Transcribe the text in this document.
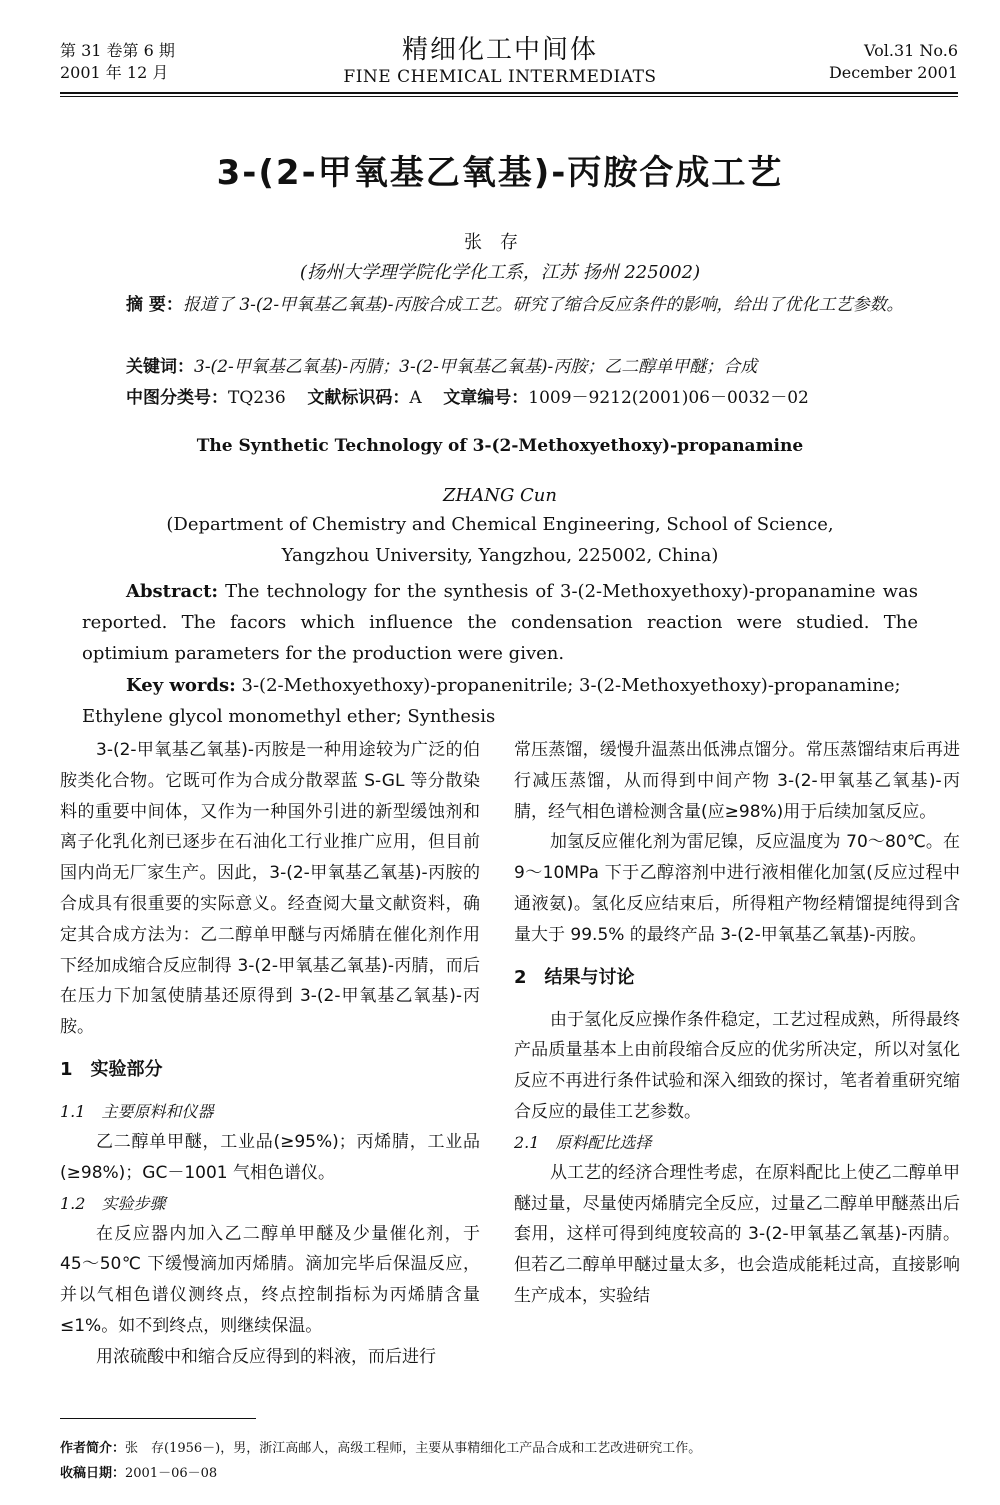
第 31 卷第 6 期
2001 年 12 月
精细化工中间体
FINE CHEMICAL INTERMEDIATS
Vol.31 No.6
December 2001
3-(2-甲氧基乙氧基)-丙胺合成工艺
张存
(扬州大学理学院化学化工系，江苏 扬州 225002)
摘 要：报道了 3-(2-甲氧基乙氧基)-丙胺合成工艺。研究了缩合反应条件的影响，给出了优化工艺参数。
关键词：3-(2-甲氧基乙氧基)-丙腈；3-(2-甲氧基乙氧基)-丙胺；乙二醇单甲醚；合成
中图分类号：TQ236 文献标识码：A 文章编号：1009－9212(2001)06－0032－02
The Synthetic Technology of 3-(2-Methoxyethoxy)-propanamine
ZHANG Cun
(Department of Chemistry and Chemical Engineering, School of Science,
Yangzhou University, Yangzhou, 225002, China)
Abstract: The technology for the synthesis of 3-(2-Methoxyethoxy)-propanamine was reported. The facors which influence the condensation reaction were studied. The optimium parameters for the production were given.
Key words: 3-(2-Methoxyethoxy)-propanenitrile; 3-(2-Methoxyethoxy)-propanamine; Ethylene glycol monomethyl ether; Synthesis

3-(2-甲氧基乙氧基)-丙胺是一种用途较为广泛的伯胺类化合物。它既可作为合成分散翠蓝 S-GL 等分散染料的重要中间体，又作为一种国外引进的新型缓蚀剂和离子化乳化剂已逐步在石油化工行业推广应用，但目前国内尚无厂家生产。因此，3-(2-甲氧基乙氧基)-丙胺的合成具有很重要的实际意义。经查阅大量文献资料，确定其合成方法为：乙二醇单甲醚与丙烯腈在催化剂作用下经加成缩合反应制得 3-(2-甲氧基乙氧基)-丙腈，而后在压力下加氢使腈基还原得到 3-(2-甲氧基乙氧基)-丙胺。

1　实验部分
1.1　主要原料和仪器

乙二醇单甲醚，工业品(≥95%)；丙烯腈，工业品(≥98%)；GC－1001 气相色谱仪。

1.2　实验步骤

在反应器内加入乙二醇单甲醚及少量催化剂，于 45～50℃ 下缓慢滴加丙烯腈。滴加完毕后保温反应，并以气相色谱仪测终点，终点控制指标为丙烯腈含量≤1%。如不到终点，则继续保温。

用浓硫酸中和缩合反应得到的料液，而后进行

常压蒸馏，缓慢升温蒸出低沸点馏分。常压蒸馏结束后再进行减压蒸馏，从而得到中间产物 3-(2-甲氧基乙氧基)-丙腈，经气相色谱检测含量(应≥98%)用于后续加氢反应。

加氢反应催化剂为雷尼镍，反应温度为 70～80℃。在 9～10MPa 下于乙醇溶剂中进行液相催化加氢(反应过程中通液氨)。氢化反应结束后，所得粗产物经精馏提纯得到含量大于 99.5% 的最终产品 3-(2-甲氧基乙氧基)-丙胺。

2　结果与讨论

由于氢化反应操作条件稳定，工艺过程成熟，所得最终产品质量基本上由前段缩合反应的优劣所决定，所以对氢化反应不再进行条件试验和深入细致的探讨，笔者着重研究缩合反应的最佳工艺参数。

2.1　原料配比选择

从工艺的经济合理性考虑，在原料配比上使乙二醇单甲醚过量，尽量使丙烯腈完全反应，过量乙二醇单甲醚蒸出后套用，这样可得到纯度较高的 3-(2-甲氧基乙氧基)-丙腈。但若乙二醇单甲醚过量太多，也会造成能耗过高，直接影响生产成本，实验结

作者简介：张　存(1956－)，男，浙江高邮人，高级工程师，主要从事精细化工产品合成和工艺改进研究工作。
收稿日期：2001－06－08
